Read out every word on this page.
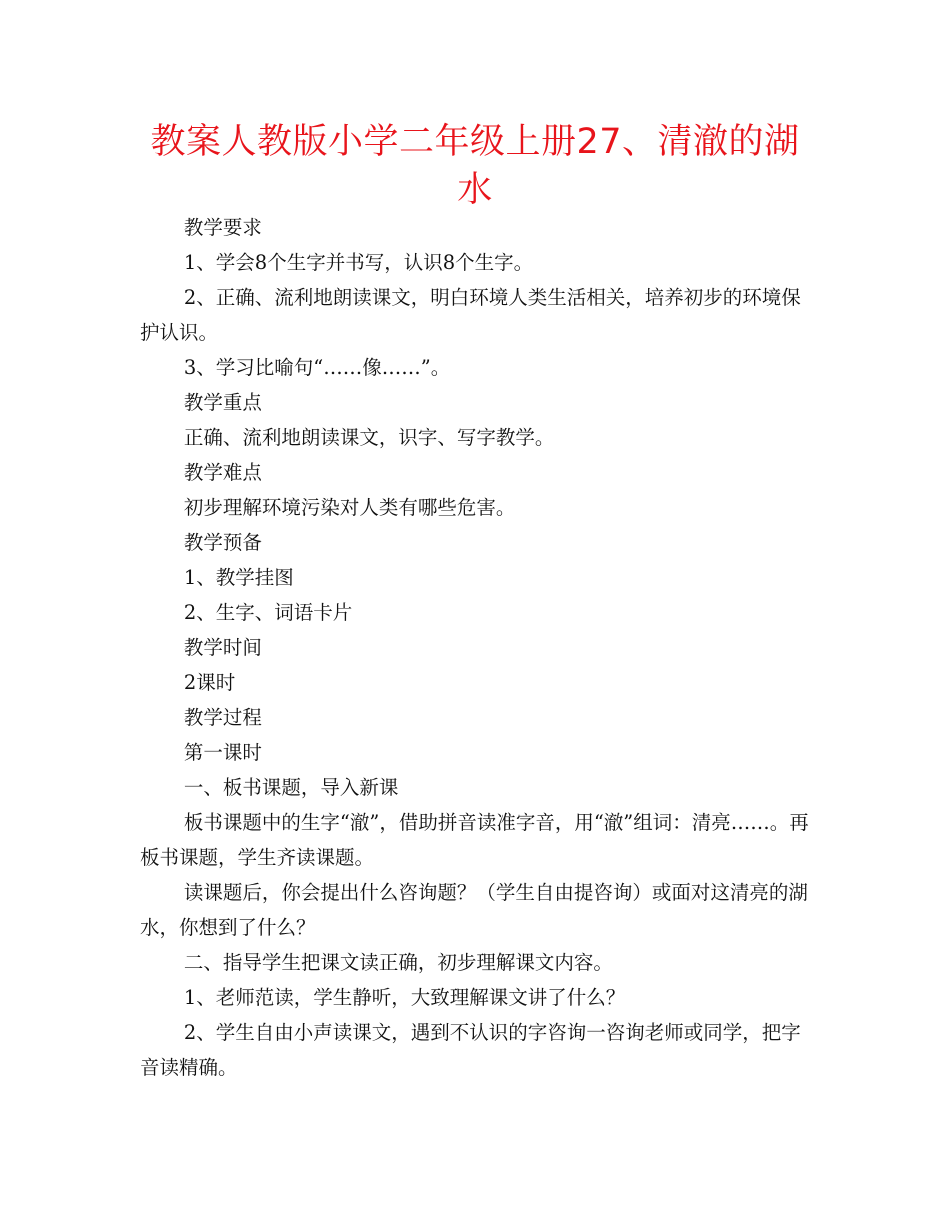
教案人教版小学二年级上册27、清澈的湖水

教学要求

1、学会8个生字并书写，认识8个生字。

2、正确、流利地朗读课文，明白环境人类生活相关，培养初步的环境保护认识。

3、学习比喻句“……像……”。

教学重点

正确、流利地朗读课文，识字、写字教学。

教学难点

初步理解环境污染对人类有哪些危害。

教学预备

1、教学挂图

2、生字、词语卡片

教学时间

2课时

教学过程

第一课时

一、板书课题，导入新课

板书课题中的生字“澈”，借助拼音读准字音，用“澈”组词：清亮……。再板书课题，学生齐读课题。

读课题后，你会提出什么咨询题？（学生自由提咨询）或面对这清亮的湖水，你想到了什么？

二、指导学生把课文读正确，初步理解课文内容。

1、老师范读，学生静听，大致理解课文讲了什么？

2、学生自由小声读课文，遇到不认识的字咨询一咨询老师或同学，把字音读精确。
